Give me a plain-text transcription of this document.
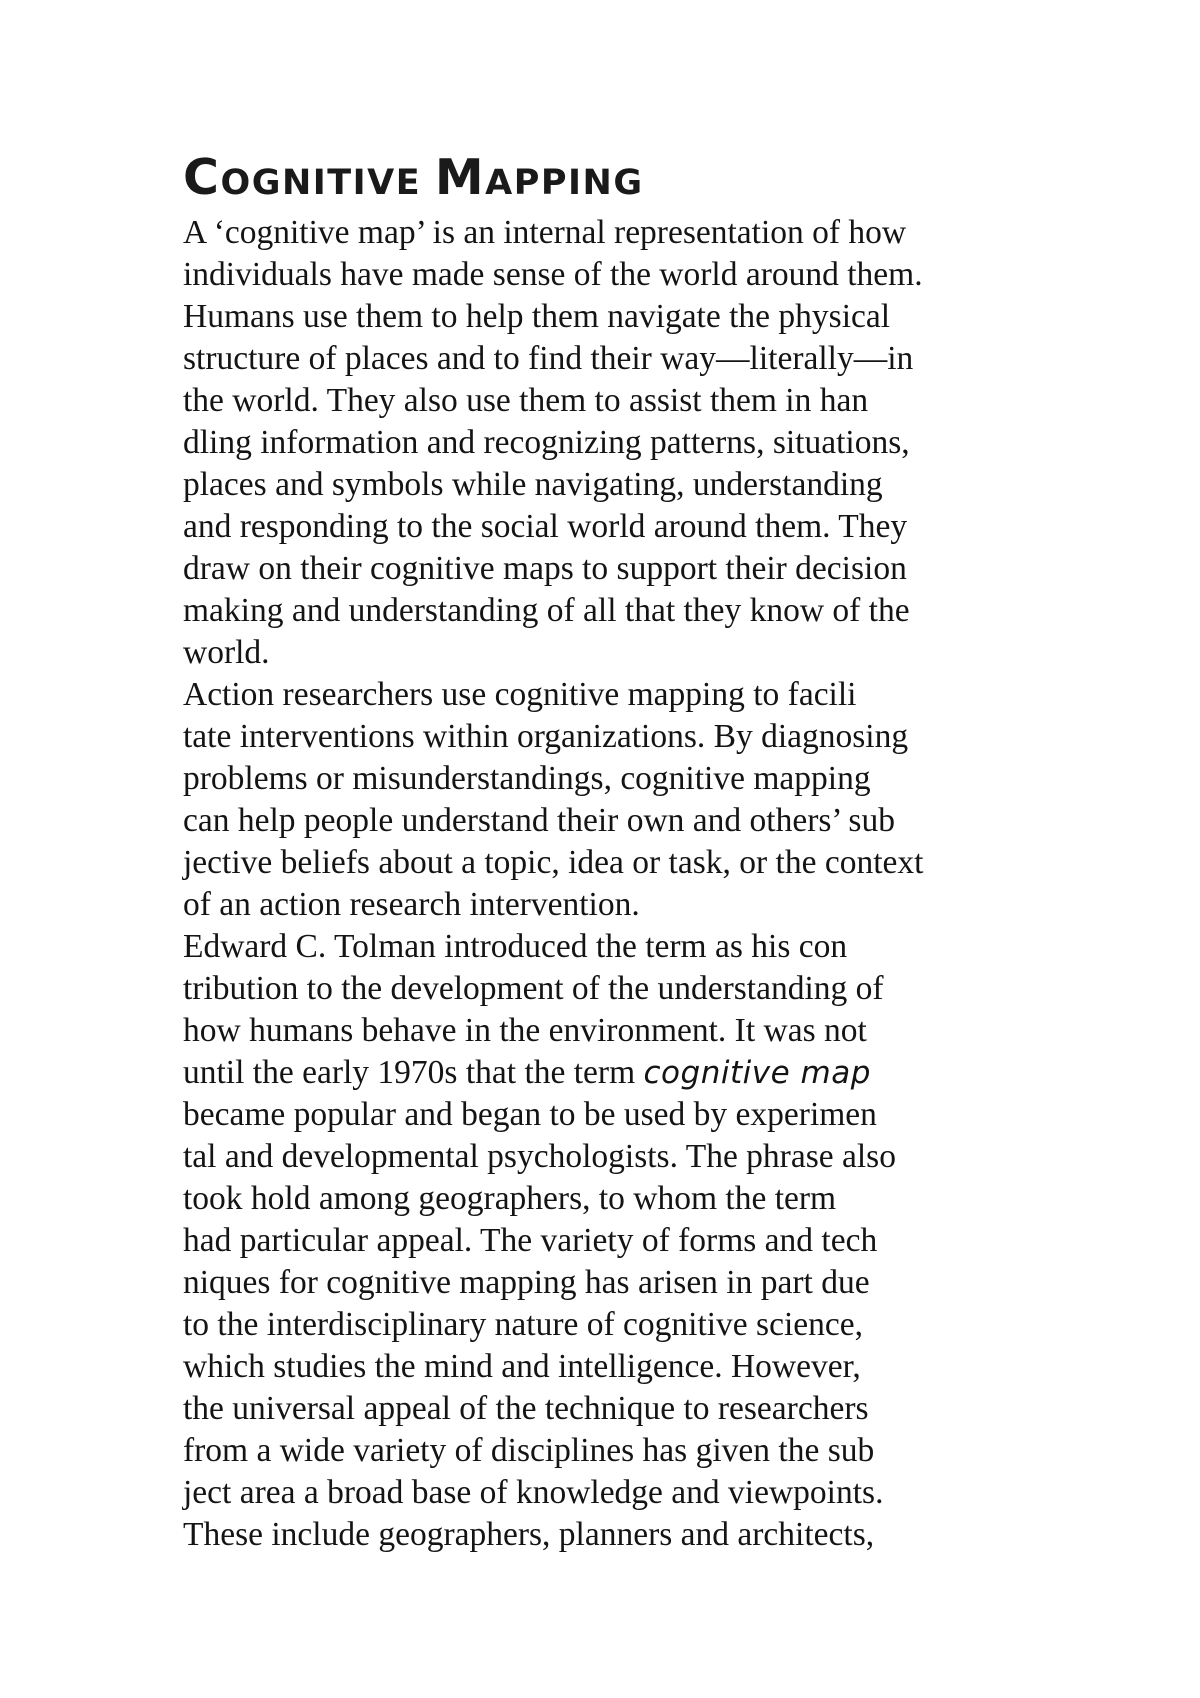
COGNITIVE MAPPING
A ‘cognitive map’ is an internal representation of how
individuals have made sense of the world around them.
Humans use them to help them navigate the physical
structure of places and to find their way—literally—in
the world. They also use them to assist them in han
dling information and recognizing patterns, situations,
places and symbols while navigating, understanding
and responding to the social world around them. They
draw on their cognitive maps to support their decision
making and understanding of all that they know of the
world.
Action researchers use cognitive mapping to facili
tate interventions within organizations. By diagnosing
problems or misunderstandings, cognitive mapping
can help people understand their own and others’ sub
jective beliefs about a topic, idea or task, or the context
of an action research intervention.
Edward C. Tolman introduced the term as his con
tribution to the development of the understanding of
how humans behave in the environment. It was not
until the early 1970s that the term cognitive map
became popular and began to be used by experimen
tal and developmental psychologists. The phrase also
took hold among geographers, to whom the term
had particular appeal. The variety of forms and tech
niques for cognitive mapping has arisen in part due
to the interdisciplinary nature of cognitive science,
which studies the mind and intelligence. However,
the universal appeal of the technique to researchers
from a wide variety of disciplines has given the sub
ject area a broad base of knowledge and viewpoints.
These include geographers, planners and architects,
